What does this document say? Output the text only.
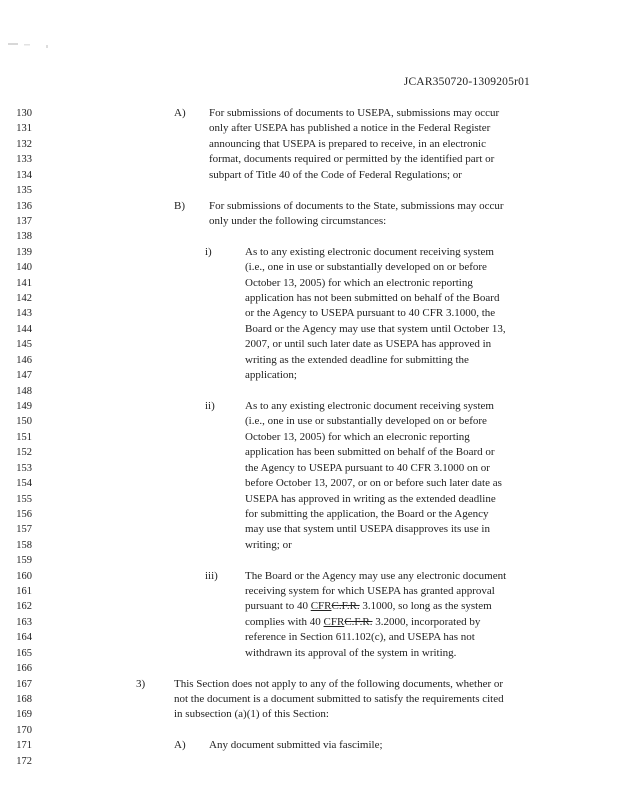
JCAR350720-1309205r01
130	A) For submissions of documents to USEPA, submissions may occur
131	only after USEPA has published a notice in the Federal Register
132	announcing that USEPA is prepared to receive, in an electronic
133	format, documents required or permitted by the identified part or
134	subpart of Title 40 of the Code of Federal Regulations; or
135
136	B) For submissions of documents to the State, submissions may occur
137	only under the following circumstances:
138
139	i)	As to any existing electronic document receiving system
140	(i.e., one in use or substantially developed on or before
141	October 13, 2005) for which an electronic reporting
142	application has not been submitted on behalf of the Board
143	or the Agency to USEPA pursuant to 40 CFR 3.1000, the
144	Board or the Agency may use that system until October 13,
145	2007, or until such later date as USEPA has approved in
146	writing as the extended deadline for submitting the
147	application;
148
149	ii)	As to any existing electronic document receiving system
150	(i.e., one in use or substantially developed on or before
151	October 13, 2005) for which an elecronic reporting
152	application has been submitted on behalf of the Board or
153	the Agency to USEPA pursuant to 40 CFR 3.1000 on or
154	before October 13, 2007, or on or before such later date as
155	USEPA has approved in writing as the extended deadline
156	for submitting the application, the Board or the Agency
157	may use that system until USEPA disapproves its use in
158	writing; or
159
160	iii) The Board or the Agency may use any electronic document
161	receiving system for which USEPA has granted approval
162	pursuant to 40 CFRC.F.R. 3.1000, so long as the system
163	complies with 40 CFRC.F.R. 3.2000, incorporated by
164	reference in Section 611.102(c), and USEPA has not
165	withdrawn its approval of the system in writing.
166
167	3)	This Section does not apply to any of the following documents, whether or
168	not the document is a document submitted to satisfy the requirements cited
169	in subsection (a)(1) of this Section:
170
171	A) Any document submitted via fascimile;
172
